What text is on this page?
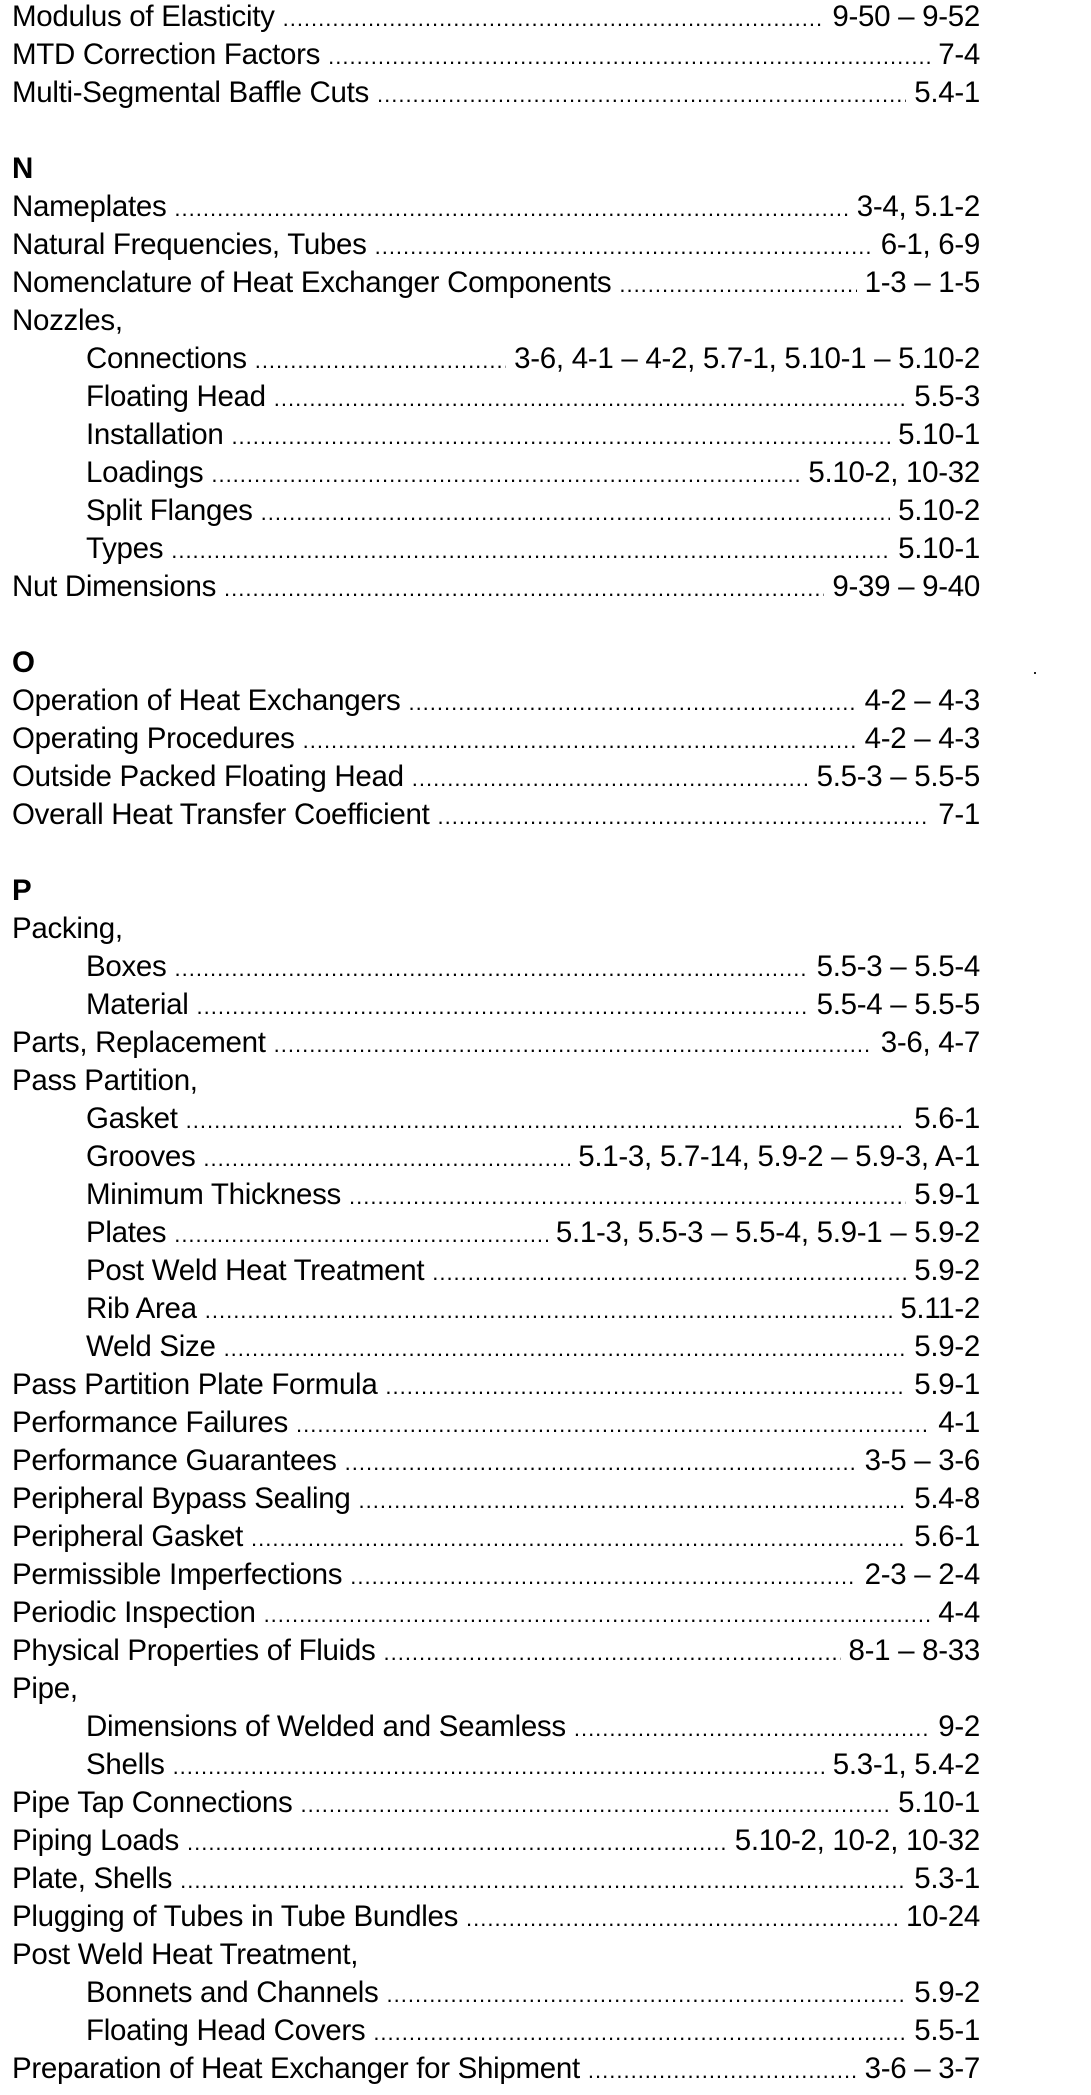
Modulus of Elasticity .....	9-50 – 9-52
MTD Correction Factors .....	7-4
Multi-Segmental Baffle Cuts .....	5.4-1
N
Nameplates .....	3-4, 5.1-2
Natural Frequencies, Tubes .....	6-1, 6-9
Nomenclature of Heat Exchanger Components .....	1-3 – 1-5
Nozzles,
Connections .....	3-6, 4-1 – 4-2, 5.7-1, 5.10-1 – 5.10-2
Floating Head .....	5.5-3
Installation .....	5.10-1
Loadings .....	5.10-2, 10-32
Split Flanges .....	5.10-2
Types .....	5.10-1
Nut Dimensions .....	9-39 – 9-40
O
Operation of Heat Exchangers .....	4-2 – 4-3
Operating Procedures .....	4-2 – 4-3
Outside Packed Floating Head .....	5.5-3 – 5.5-5
Overall Heat Transfer Coefficient .....	7-1
P
Packing,
Boxes .....	5.5-3 – 5.5-4
Material .....	5.5-4 – 5.5-5
Parts, Replacement .....	3-6, 4-7
Pass Partition,
Gasket .....	5.6-1
Grooves .....	5.1-3, 5.7-14, 5.9-2 – 5.9-3, A-1
Minimum Thickness .....	5.9-1
Plates .....	5.1-3, 5.5-3 – 5.5-4, 5.9-1 – 5.9-2
Post Weld Heat Treatment .....	5.9-2
Rib Area .....	5.11-2
Weld Size .....	5.9-2
Pass Partition Plate Formula .....	5.9-1
Performance Failures .....	4-1
Performance Guarantees .....	3-5 – 3-6
Peripheral Bypass Sealing .....	5.4-8
Peripheral Gasket .....	5.6-1
Permissible Imperfections .....	2-3 – 2-4
Periodic Inspection .....	4-4
Physical Properties of Fluids .....	8-1 – 8-33
Pipe,
Dimensions of Welded and Seamless .....	9-2
Shells .....	5.3-1, 5.4-2
Pipe Tap Connections .....	5.10-1
Piping Loads .....	5.10-2, 10-2, 10-32
Plate, Shells .....	5.3-1
Plugging of Tubes in Tube Bundles .....	10-24
Post Weld Heat Treatment,
Bonnets and Channels .....	5.9-2
Floating Head Covers .....	5.5-1
Preparation of Heat Exchanger for Shipment .....	3-6 – 3-7
